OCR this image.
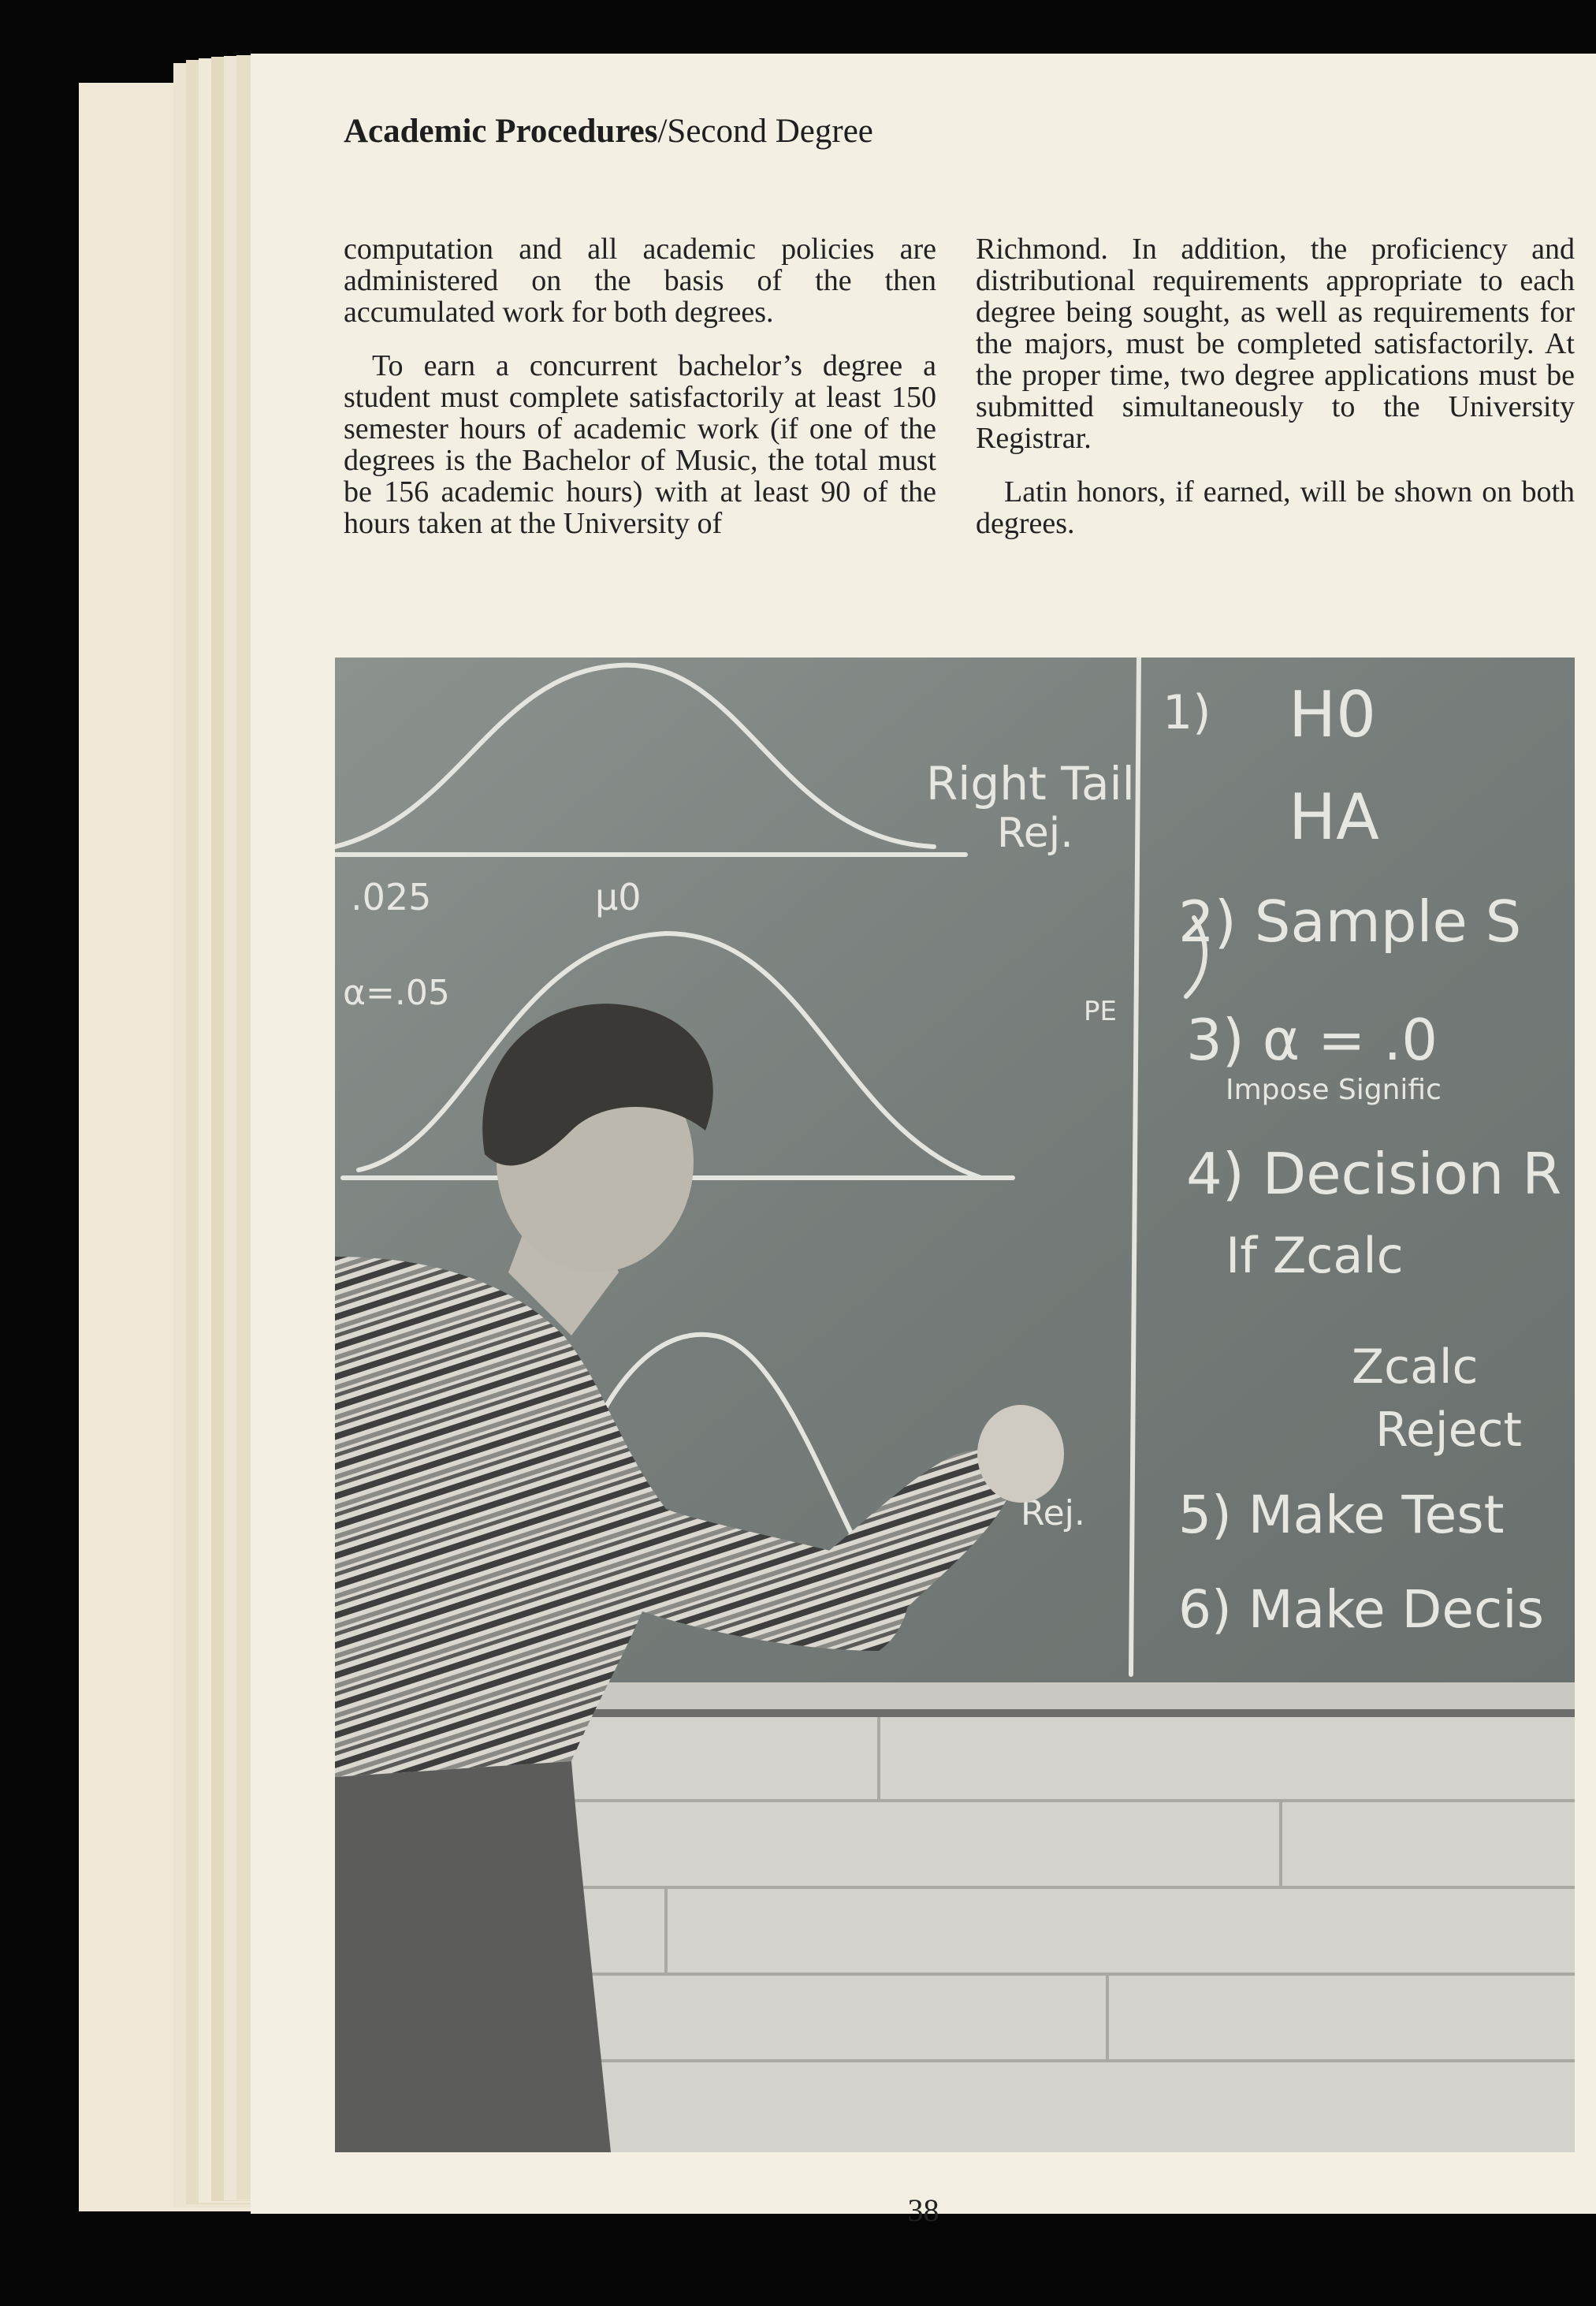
Academic Procedures/Second Degree

computation and all academic policies are administered on the basis of the then accumulated work for both degrees.

To earn a concurrent bachelor’s degree a student must complete satisfactorily at least 150 semester hours of academic work (if one of the degrees is the Bachelor of Music, the total must be 156 academic hours) with at least 90 of the hours taken at the University of

Richmond. In addition, the proficiency and distributional requirements appropriate to each degree being sought, as well as requirements for the majors, must be completed satisfactorily. At the proper time, two degree applications must be submitted simultaneously to the University Registrar.

Latin honors, if earned, will be shown on both degrees.

Right Tail
Rej.
.025	μ0
1) H0
HA
2) Sample S
3) α = .0
Impose Signific
4) Decision R
If Zcalc
Zcalc
Reject
5) Make Test
6) Make Decis
α=.05
Rej.
PE
38
